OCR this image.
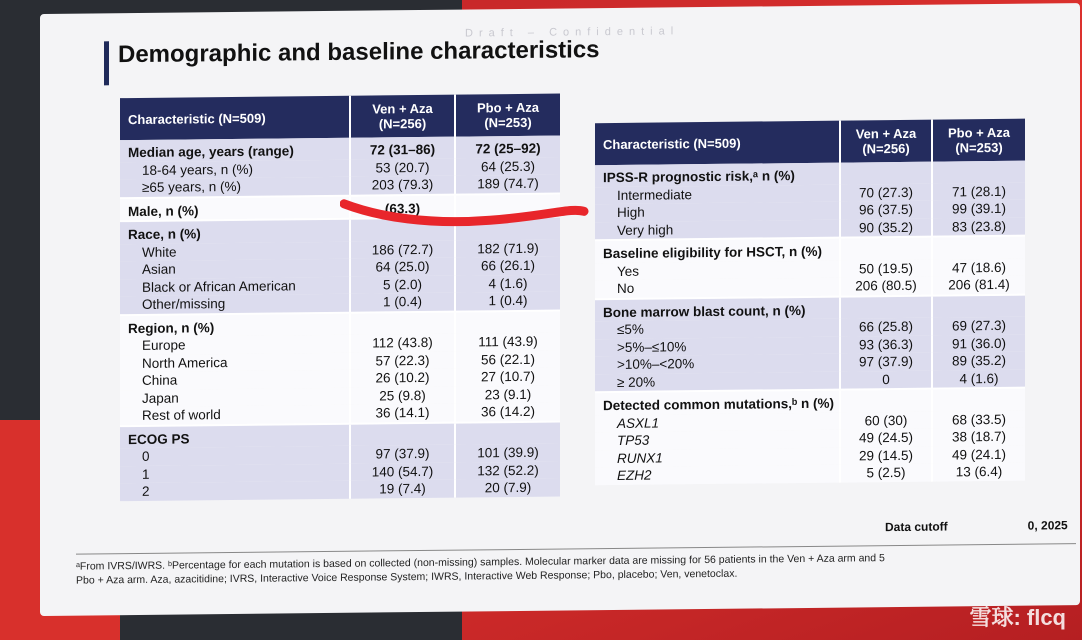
Draft – Confidential
Demographic and baseline characteristics
Characteristic (N=509)	Ven + Aza (N=256)	Pbo + Aza (N=253)
Median age, years (range)	72 (31–86)	72 (25–92)
18-64 years, n (%)	53 (20.7)	64 (25.3)
≥65 years, n (%)	203 (79.3)	189 (74.7)
Male, n (%)	(63.3)	
Race, n (%)		
White	186 (72.7)	182 (71.9)
Asian	64 (25.0)	66 (26.1)
Black or African American	5 (2.0)	4 (1.6)
Other/missing	1 (0.4)	1 (0.4)
Region, n (%)		
Europe	112 (43.8)	111 (43.9)
North America	57 (22.3)	56 (22.1)
China	26 (10.2)	27 (10.7)
Japan	25 (9.8)	23 (9.1)
Rest of world	36 (14.1)	36 (14.2)
ECOG PS		
0	97 (37.9)	101 (39.9)
1	140 (54.7)	132 (52.2)
2	19 (7.4)	20 (7.9)
Characteristic (N=509)	Ven + Aza (N=256)	Pbo + Aza (N=253)
IPSS-R prognostic risk,ᵃ n (%)		
Intermediate	70 (27.3)	71 (28.1)
High	96 (37.5)	99 (39.1)
Very high	90 (35.2)	83 (23.8)
Baseline eligibility for HSCT, n (%)		
Yes	50 (19.5)	47 (18.6)
No	206 (80.5)	206 (81.4)
Bone marrow blast count, n (%)		
≤5%	66 (25.8)	69 (27.3)
>5%–≤10%	93 (36.3)	91 (36.0)
>10%–<20%	97 (37.9)	89 (35.2)
≥ 20%	0	4 (1.6)
Detected common mutations,ᵇ n (%)		
ASXL1	60 (30)	68 (33.5)
TP53	49 (24.5)	38 (18.7)
RUNX1	29 (14.5)	49 (24.1)
EZH2	5 (2.5)	13 (6.4)
Data cutoff	0, 2025
ᵃFrom IVRS/IWRS. ᵇPercentage for each mutation is based on collected (non-missing) samples. Molecular marker data are missing for 56 patients in the Ven + Aza arm and 5
Pbo + Aza arm. Aza, azacitidine; IVRS, Interactive Voice Response System; IWRS, Interactive Web Response; Pbo, placebo; Ven, venetoclax.
雪球: flcq
